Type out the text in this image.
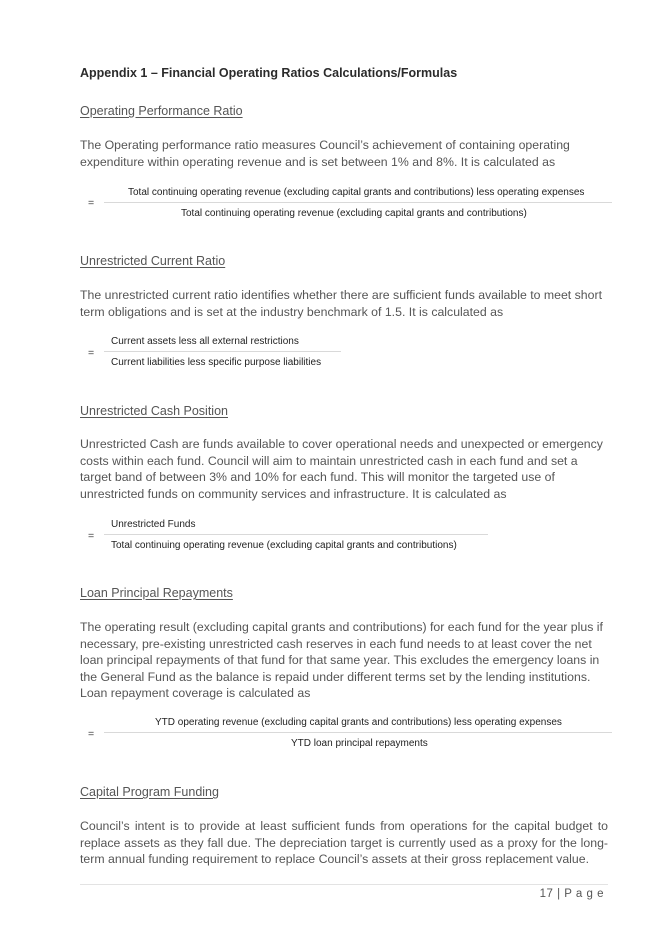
Appendix 1 – Financial Operating Ratios Calculations/Formulas
Operating Performance Ratio

The Operating performance ratio measures Council’s achievement of containing operating expenditure within operating revenue and is set between 1% and 8%. It is calculated as

=
Total continuing operating revenue (excluding capital grants and contributions) less operating expenses
Total continuing operating revenue (excluding capital grants and contributions)
Unrestricted Current Ratio

The unrestricted current ratio identifies whether there are sufficient funds available to meet short term obligations and is set at the industry benchmark of 1.5. It is calculated as

=
Current assets less all external restrictions
Current liabilities less specific purpose liabilities
Unrestricted Cash Position

Unrestricted Cash are funds available to cover operational needs and unexpected or emergency costs within each fund. Council will aim to maintain unrestricted cash in each fund and set a target band of between 3% and 10% for each fund. This will monitor the targeted use of unrestricted funds on community services and infrastructure. It is calculated as

=
Unrestricted Funds
Total continuing operating revenue (excluding capital grants and contributions)
Loan Principal Repayments

The operating result (excluding capital grants and contributions) for each fund for the year plus if necessary, pre-existing unrestricted cash reserves in each fund needs to at least cover the net loan principal repayments of that fund for that same year. This excludes the emergency loans in the General Fund as the balance is repaid under different terms set by the lending institutions. Loan repayment coverage is calculated as

=
YTD operating revenue (excluding capital grants and contributions) less operating expenses
YTD loan principal repayments
Capital Program Funding

Council’s intent is to provide at least sufficient funds from operations for the capital budget to replace assets as they fall due. The depreciation target is currently used as a proxy for the long-term annual funding requirement to replace Council’s assets at their gross replacement value.

17 | P a g e
